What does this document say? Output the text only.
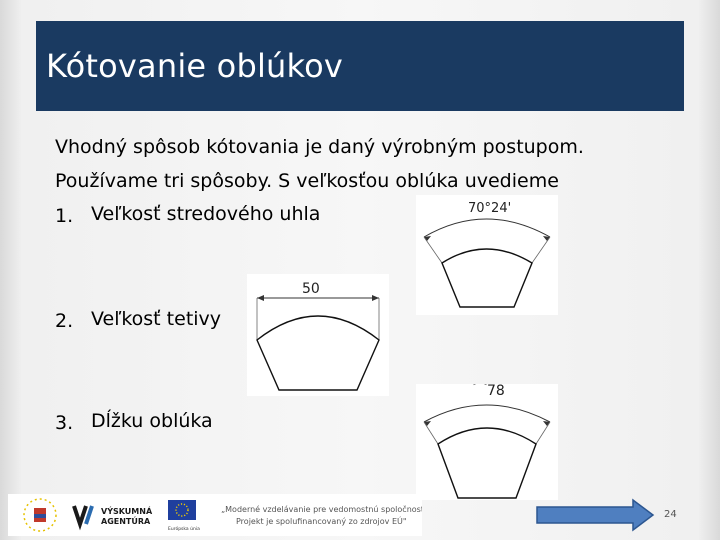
Kótovanie oblúkov
Vhodný spôsob kótovania je daný výrobným postupom.
Používame tri spôsoby. S veľkosťou oblúka uvedieme
1. Veľkosť stredového uhla
2. Veľkosť tetivy
3. Dĺžku oblúka
70°24'
50
⌒78
VÝSKUMNÁ
AGENTÚRA
Európska únia
„Moderné vzdelávanie pre vedomostnú spoločnosť
Projekt je spolufinancovaný zo zdrojov EÚ"
24
